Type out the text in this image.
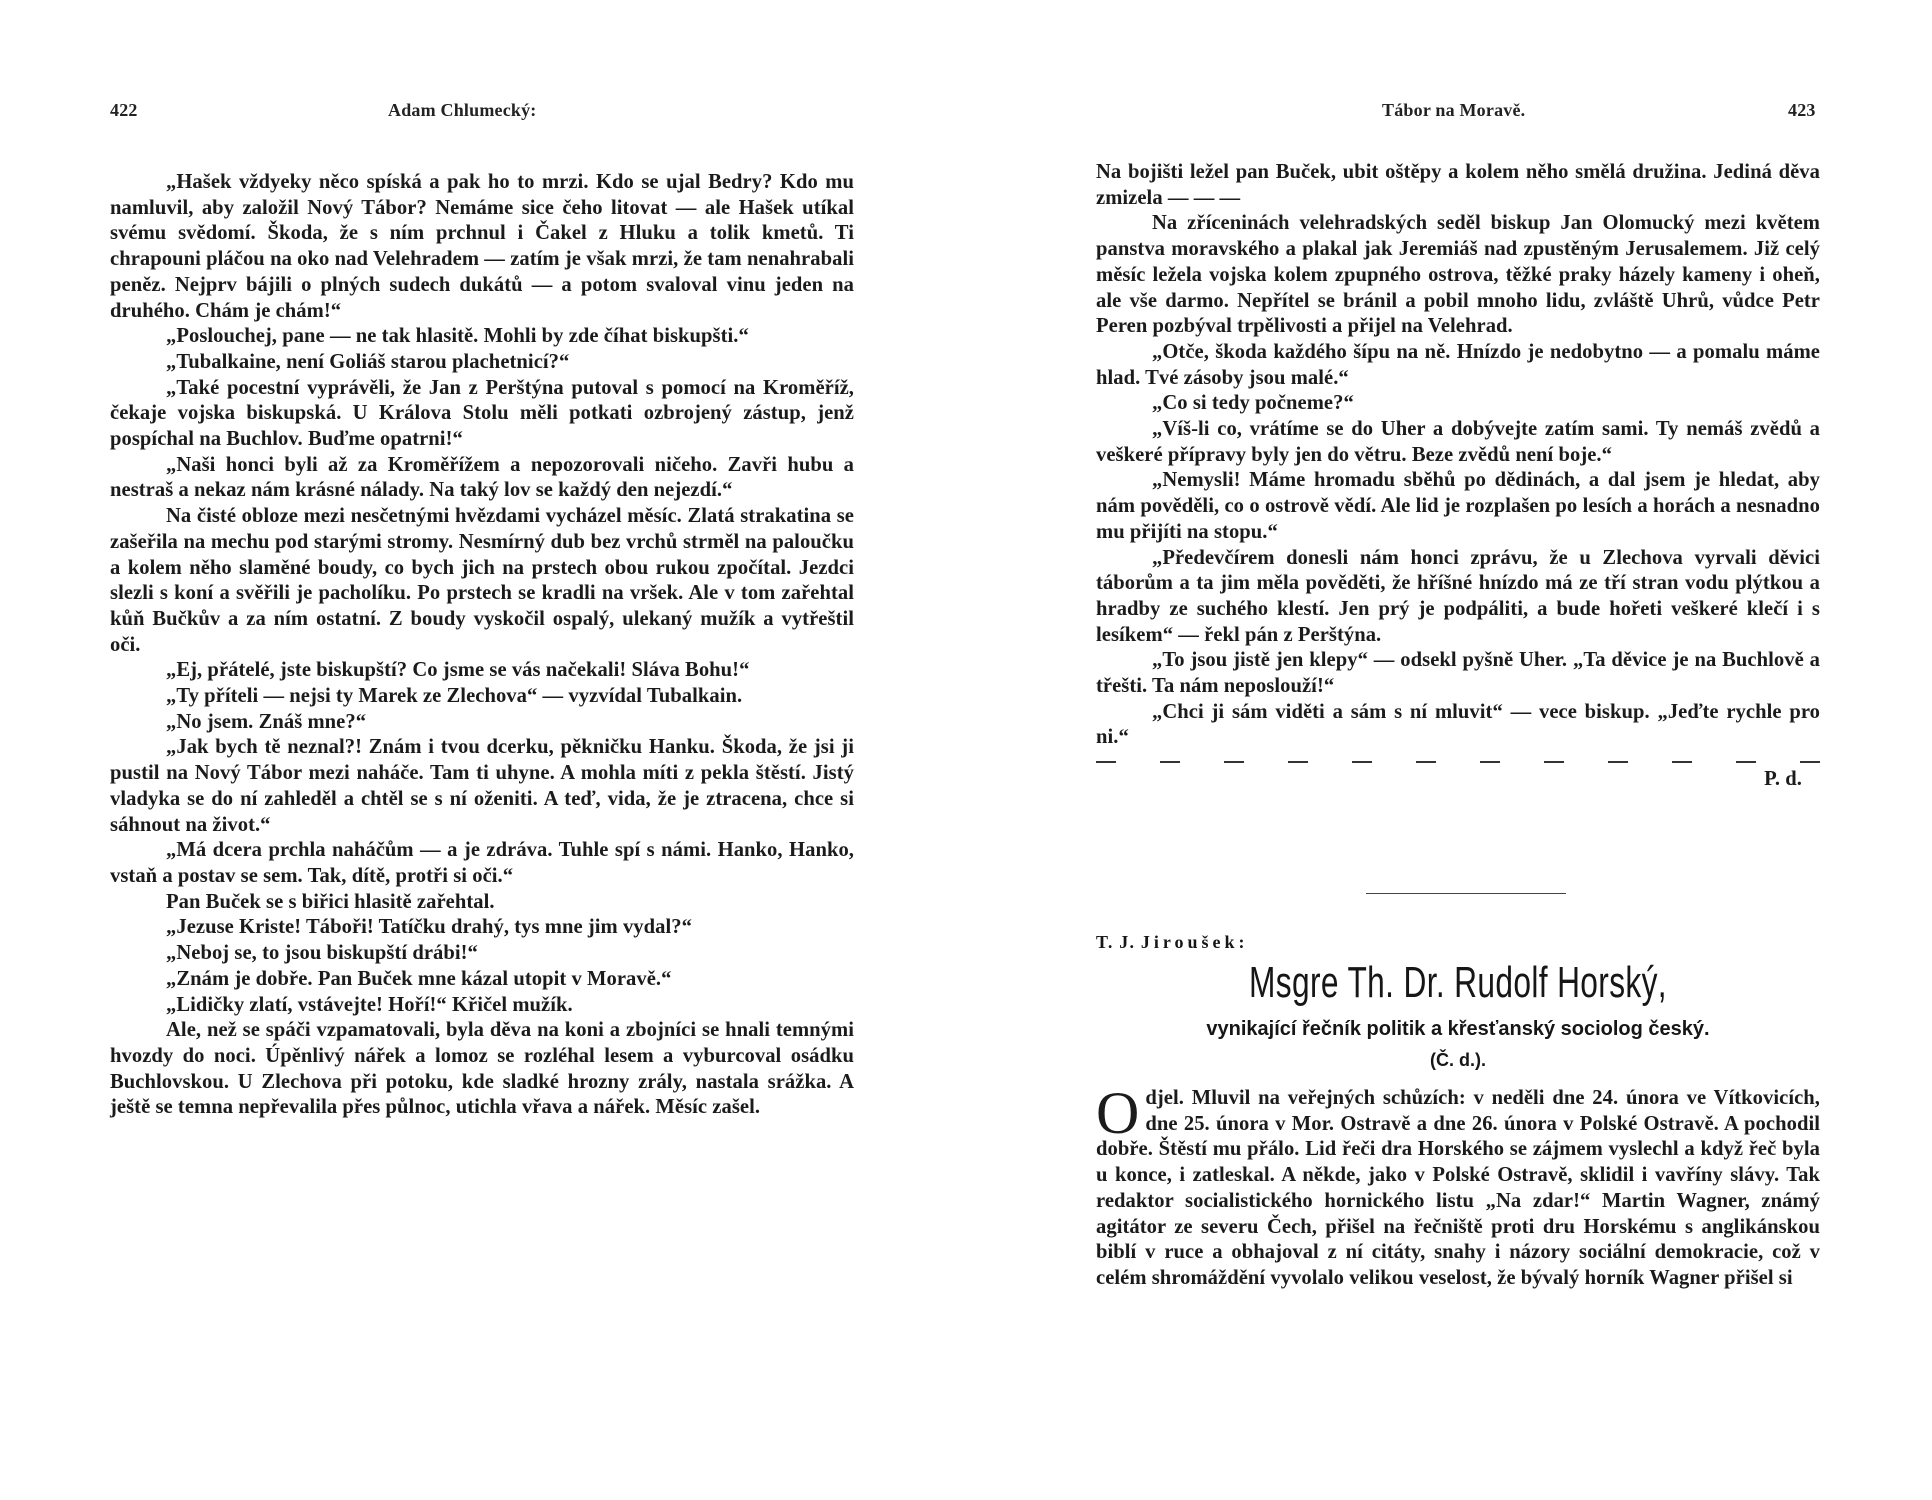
422	Adam Chlumecký:

„Hašek vždyeky něco spíská a pak ho to mrzi. Kdo se ujal Bedry? Kdo mu namluvil, aby založil Nový Tábor? Nemáme sice čeho litovat — ale Hašek utíkal svému svědomí. Škoda, že s ním prchnul i Čakel z Hluku a tolik kmetů. Ti chrapouni pláčou na oko nad Velehradem — zatím je však mrzi, že tam nenahrabali peněz. Nejprv bájili o plných sudech dukátů — a potom svaloval vinu jeden na druhého. Chám je chám!“

„Poslouchej, pane — ne tak hlasitě. Mohli by zde číhat biskupšti.“

„Tubalkaine, není Goliáš starou plachetnicí?“

„Také pocestní vyprávěli, že Jan z Perštýna putoval s pomocí na Kroměříž, čekaje vojska biskupská. U Králova Stolu měli potkati ozbrojený zástup, jenž pospíchal na Buchlov. Buďme opatrni!“

„Naši honci byli až za Kroměřížem a nepozorovali ničeho. Zavři hubu a nestraš a nekaz nám krásné nálady. Na taký lov se každý den nejezdí.“

Na čisté obloze mezi nesčetnými hvězdami vycházel měsíc. Zlatá strakatina se zašeřila na mechu pod starými stromy. Nesmírný dub bez vrchů strměl na paloučku a kolem něho slaměné boudy, co bych jich na prstech obou rukou zpočítal. Jezdci slezli s koní a svěřili je pacholíku. Po prstech se kradli na vršek. Ale v tom zařehtal kůň Bučkův a za ním ostatní. Z boudy vyskočil ospalý, ulekaný mužík a vytřeštil oči.

„Ej, přátelé, jste biskupští? Co jsme se vás načekali! Sláva Bohu!“

„Ty příteli — nejsi ty Marek ze Zlechova“ — vyzvídal Tubalkain.

„No jsem. Znáš mne?“

„Jak bych tě neznal?! Znám i tvou dcerku, pěkničku Hanku. Škoda, že jsi ji pustil na Nový Tábor mezi naháče. Tam ti uhyne. A mohla míti z pekla štěstí. Jistý vladyka se do ní zahleděl a chtěl se s ní oženiti. A teď, vida, že je ztracena, chce si sáhnout na život.“

„Má dcera prchla naháčům — a je zdráva. Tuhle spí s námi. Hanko, Hanko, vstaň a postav se sem. Tak, dítě, protři si oči.“

Pan Buček se s biřici hlasitě zařehtal.

„Jezuse Kriste! Táboři! Tatíčku drahý, tys mne jim vydal?“

„Neboj se, to jsou biskupští drábi!“

„Znám je dobře. Pan Buček mne kázal utopit v Moravě.“

„Lidičky zlatí, vstávejte! Hoří!“ Křičel mužík.

Ale, než se spáči vzpamatovali, byla děva na koni a zbojníci se hnali temnými hvozdy do noci. Úpěnlivý nářek a lomoz se rozléhal lesem a vyburcoval osádku Buchlovskou. U Zlechova při potoku, kde sladké hrozny zrály, nastala srážka. A ještě se temna nepřevalila přes půlnoc, utichla vřava a nářek. Měsíc zašel.

Tábor na Moravě.	423

Na bojišti ležel pan Buček, ubit oštěpy a kolem něho smělá družina. Jediná děva zmizela — — —

Na zříceninách velehradských seděl biskup Jan Olomucký mezi květem panstva moravského a plakal jak Jeremiáš nad zpustěným Jerusalemem. Již celý měsíc ležela vojska kolem zpupného ostrova, těžké praky házely kameny i oheň, ale vše darmo. Nepřítel se bránil a pobil mnoho lidu, zvláště Uhrů, vůdce Petr Peren pozbýval trpělivosti a přijel na Velehrad.

„Otče, škoda každého šípu na ně. Hnízdo je nedobytno — a pomalu máme hlad. Tvé zásoby jsou malé.“

„Co si tedy počneme?“

„Víš-li co, vrátíme se do Uher a dobývejte zatím sami. Ty nemáš zvědů a veškeré přípravy byly jen do větru. Beze zvědů není boje.“

„Nemysli! Máme hromadu sběhů po dědinách, a dal jsem je hledat, aby nám pověděli, co o ostrově vědí. Ale lid je rozplašen po lesích a horách a nesnadno mu přijíti na stopu.“

„Předevčírem donesli nám honci zprávu, že u Zlechova vyrvali děvici táborům a ta jim měla pověděti, že hříšné hnízdo má ze tří stran vodu plýtkou a hradby ze suchého klestí. Jen prý je podpáliti, a bude hořeti veškeré klečí i s lesíkem“ — řekl pán z Perštýna.

„To jsou jistě jen klepy“ — odsekl pyšně Uher. „Ta děvice je na Buchlově a třešti. Ta nám neposlouží!“

„Chci ji sám viděti a sám s ní mluvit“ — vece biskup. „Jeďte rychle pro ni.“

P. d.
T. J. Jiroušek:
Msgre Th. Dr. Rudolf Horský,
vynikající řečník politik a křesťanský sociolog český.
(Č. d.).

Odjel. Mluvil na veřejných schůzích: v neděli dne 24. února ve Vítkovicích, dne 25. února v Mor. Ostravě a dne 26. února v Polské Ostravě. A pochodil dobře. Štěstí mu přálo. Lid řeči dra Horského se zájmem vyslechl a když řeč byla u konce, i zatleskal. A někde, jako v Polské Ostravě, sklidil i vavříny slávy. Tak redaktor socialistického hornického listu „Na zdar!“ Martin Wagner, známý agitátor ze severu Čech, přišel na řečniště proti dru Horskému s anglikánskou biblí v ruce a obhajoval z ní citáty, snahy i názory sociální demokracie, což v celém shromáždění vyvolalo velikou veselost, že bývalý horník Wagner přišel si
